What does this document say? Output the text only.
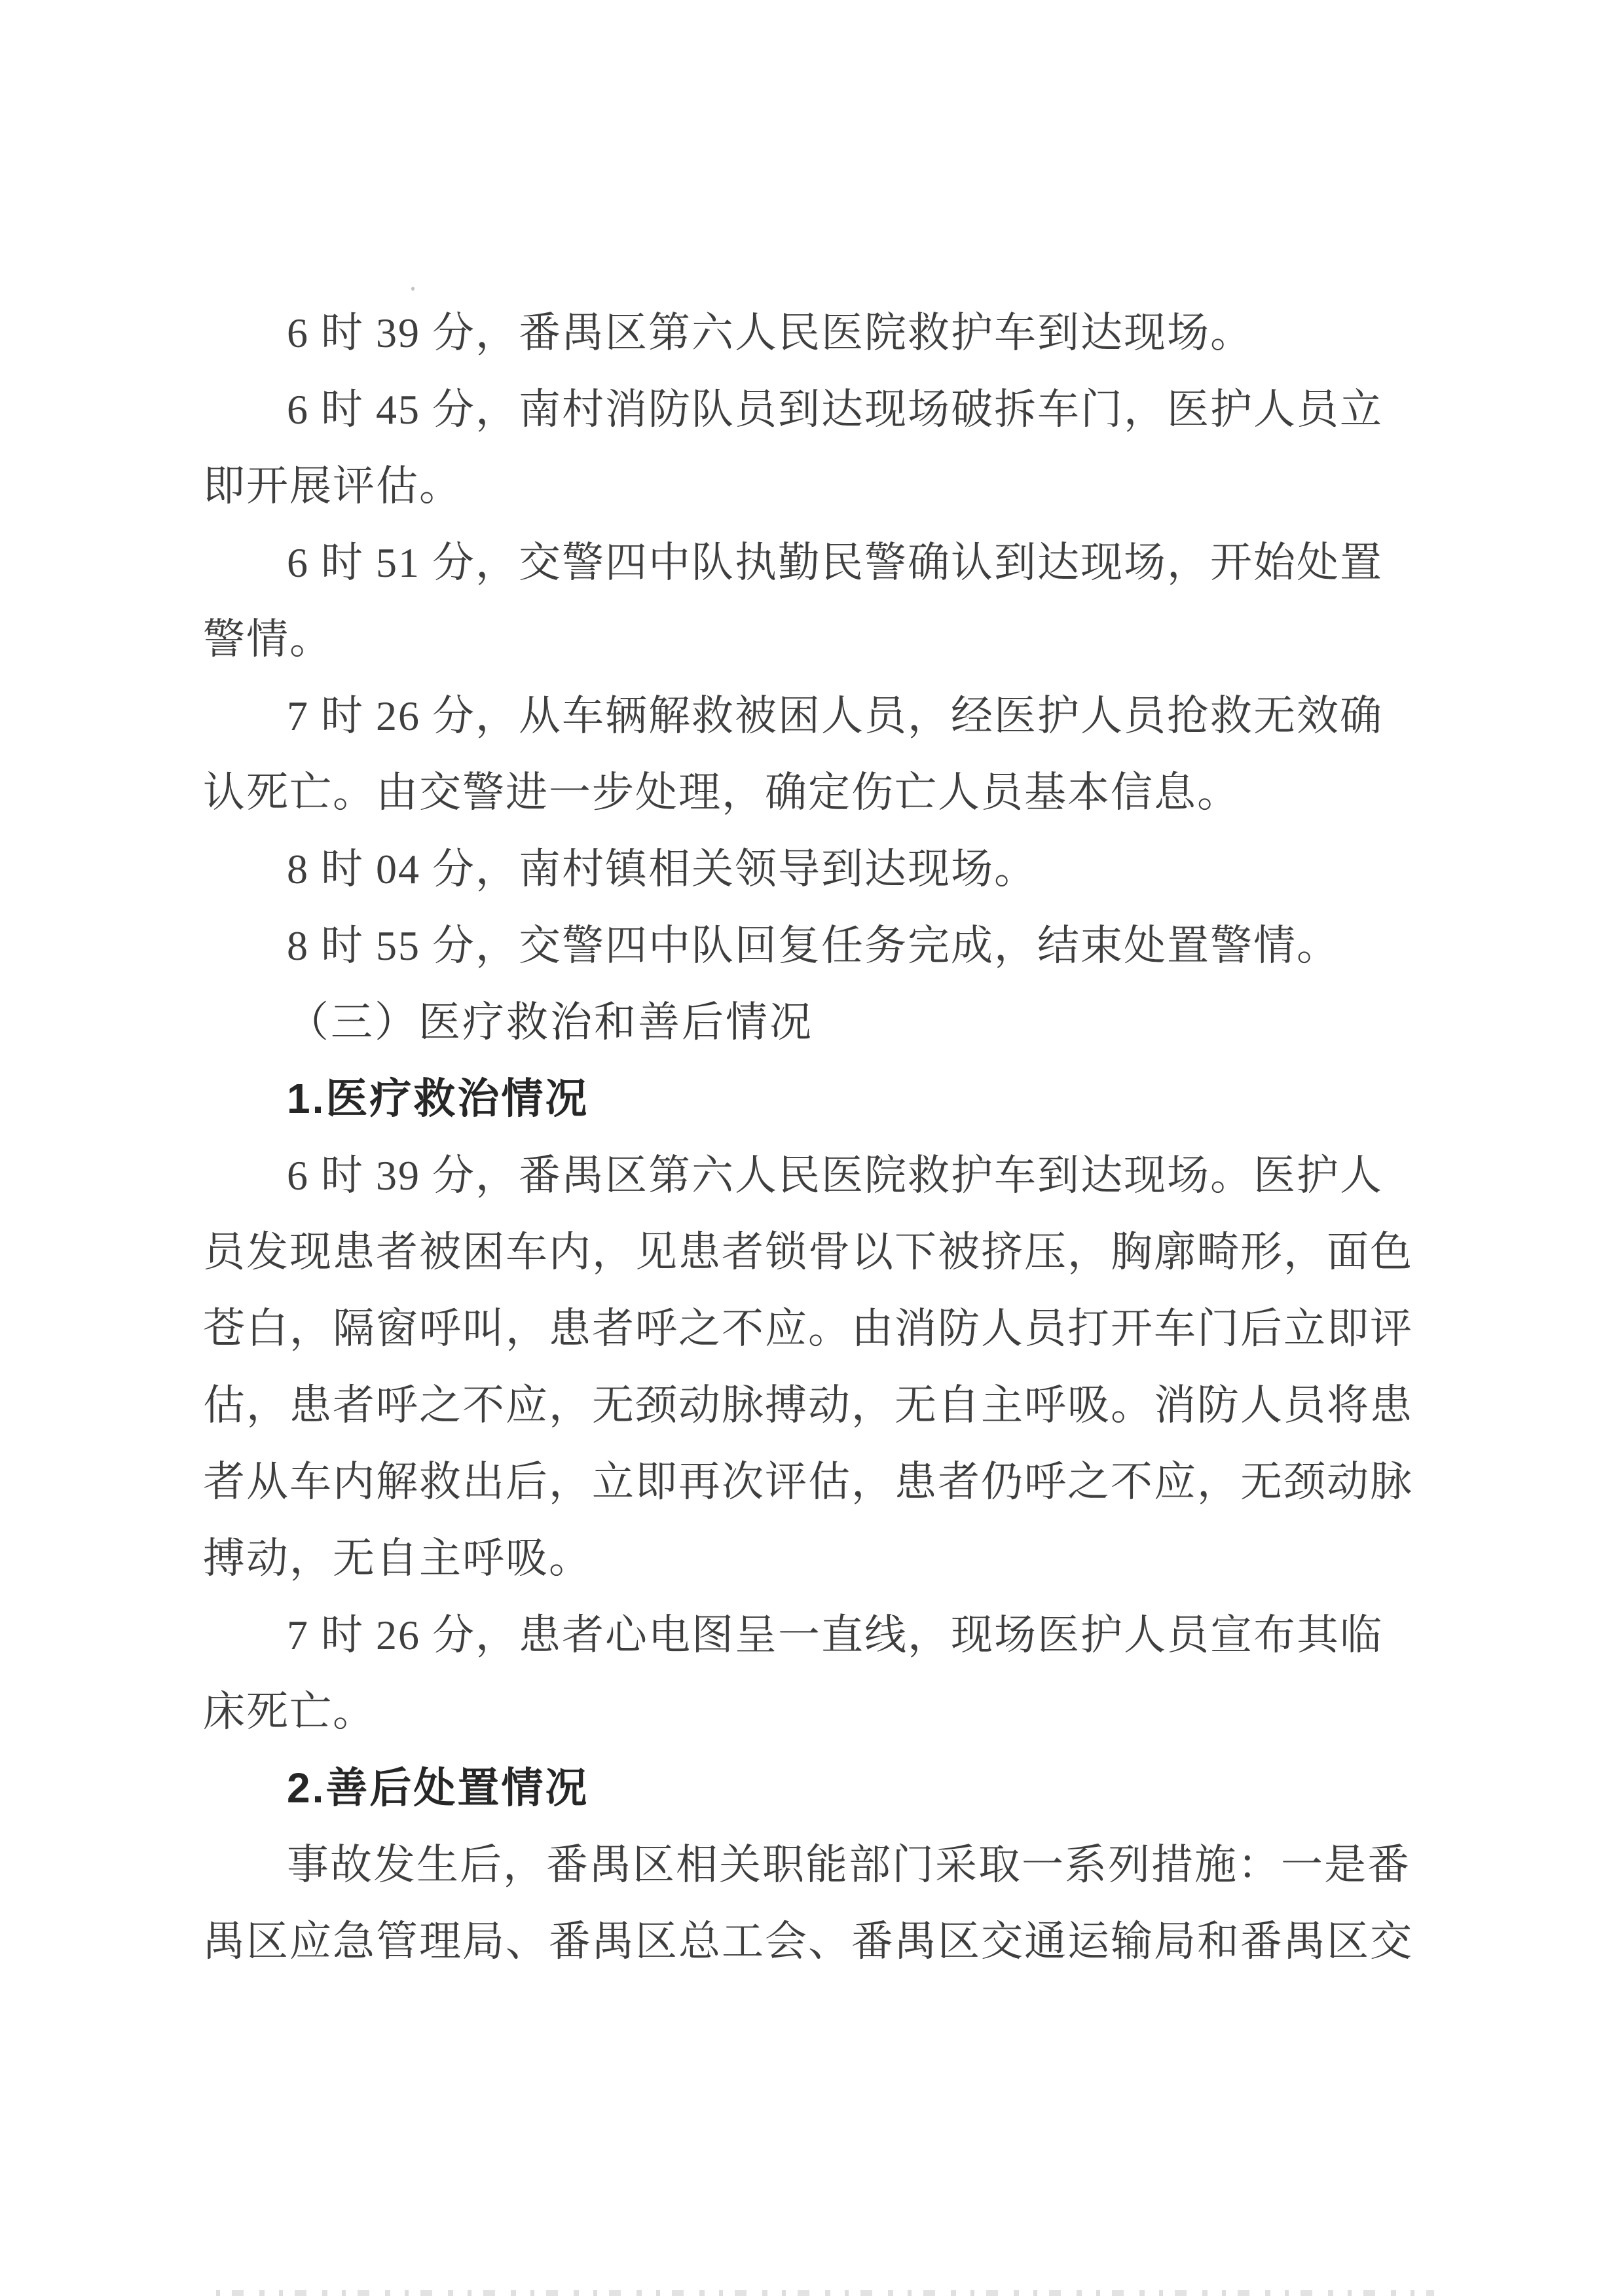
6 时 39 分，番禺区第六人民医院救护车到达现场。
6 时 45 分，南村消防队员到达现场破拆车门，医护人员立
即开展评估。
6 时 51 分，交警四中队执勤民警确认到达现场，开始处置
警情。
7 时 26 分，从车辆解救被困人员，经医护人员抢救无效确
认死亡。由交警进一步处理，确定伤亡人员基本信息。
8 时 04 分，南村镇相关领导到达现场。
8 时 55 分，交警四中队回复任务完成，结束处置警情。
（三）医疗救治和善后情况
1.医疗救治情况
6 时 39 分，番禺区第六人民医院救护车到达现场。医护人
员发现患者被困车内，见患者锁骨以下被挤压，胸廓畸形，面色
苍白，隔窗呼叫，患者呼之不应。由消防人员打开车门后立即评
估，患者呼之不应，无颈动脉搏动，无自主呼吸。消防人员将患
者从车内解救出后，立即再次评估，患者仍呼之不应，无颈动脉
搏动，无自主呼吸。
7 时 26 分，患者心电图呈一直线，现场医护人员宣布其临
床死亡。
2.善后处置情况
事故发生后，番禺区相关职能部门采取一系列措施：一是番
禺区应急管理局、番禺区总工会、番禺区交通运输局和番禺区交
